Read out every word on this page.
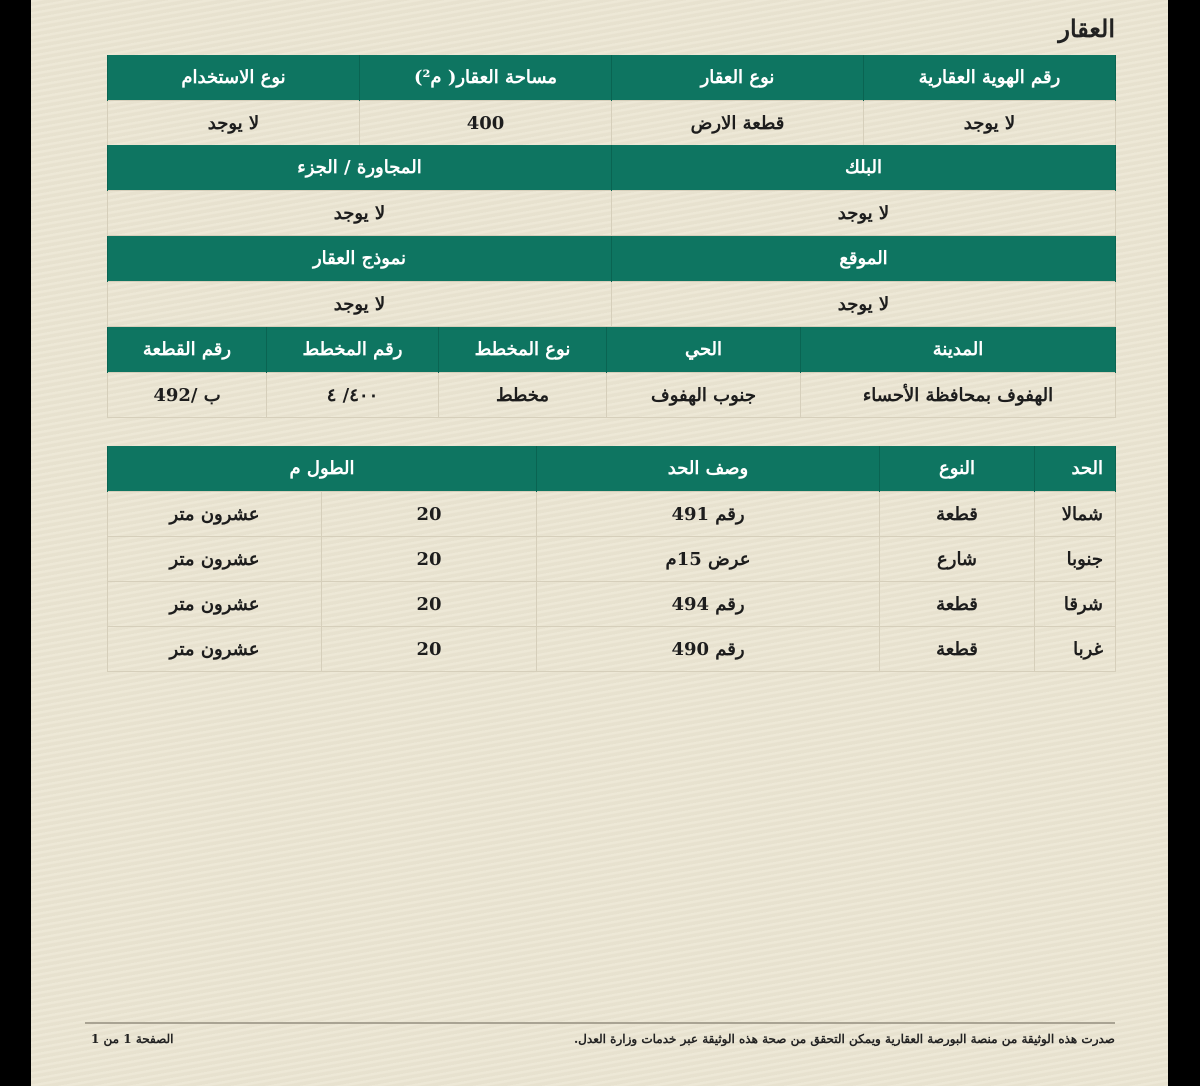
العقار
رقم الهوية العقارية	نوع العقار	مساحة العقار( م²)	نوع الاستخدام
لا يوجد	قطعة الارض	400	لا يوجد
البلك	المجاورة / الجزء
لا يوجد	لا يوجد
الموقع	نموذج العقار
لا يوجد	لا يوجد
المدينة	الحي	نوع المخطط	رقم المخطط	رقم القطعة
الهفوف بمحافظة الأحساء	جنوب الهفوف	مخطط	٤٠٠/ ٤	ب /492
الحد	النوع	وصف الحد	الطول م	
شمالا	قطعة	رقم 491	20	عشرون متر
جنوبا	شارع	عرض 15م	20	عشرون متر
شرقا	قطعة	رقم 494	20	عشرون متر
غربا	قطعة	رقم 490	20	عشرون متر
صدرت هذه الوثيقة من منصة البورصة العقارية ويمكن التحقق من صحة هذه الوثيقة عبر خدمات وزارة العدل.
الصفحة 1 من 1
